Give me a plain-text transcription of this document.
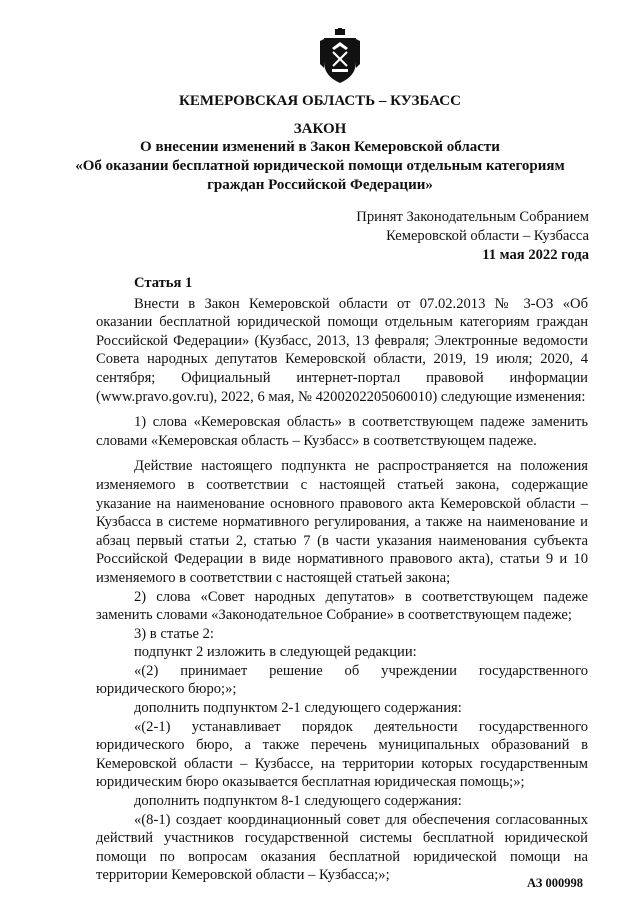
КЕМЕРОВСКАЯ ОБЛАСТЬ – КУЗБАСС
ЗАКОН
О внесении изменений в Закон Кемеровской области
«Об оказании бесплатной юридической помощи отдельным категориям
граждан Российской Федерации»
Принят Законодательным Собранием
Кемеровской области – Кузбасса
11 мая 2022 года
Статья 1

Внести в Закон Кемеровской области от 07.02.2013 № 3-ОЗ «Об оказании бесплатной юридической помощи отдельным категориям граждан Российской Федерации» (Кузбасс, 2013, 13 февраля; Электронные ведомости Совета народных депутатов Кемеровской области, 2019, 19 июля; 2020, 4 сентября; Официальный интернет-портал правовой информации (www.pravo.gov.ru), 2022, 6 мая, № 4200202205060010) следующие изменения:

1) слова «Кемеровская область» в соответствующем падеже заменить словами «Кемеровская область – Кузбасс» в соответствующем падеже.

Действие настоящего подпункта не распространяется на положения изменяемого в соответствии с настоящей статьей закона, содержащие указание на наименование основного правового акта Кемеровской области – Кузбасса в системе нормативного регулирования, а также на наименование и абзац первый статьи 2, статью 7 (в части указания наименования субъекта Российской Федерации в виде нормативного правового акта), статьи 9 и 10 изменяемого в соответствии с настоящей статьей закона;

2) слова «Совет народных депутатов» в соответствующем падеже заменить словами «Законодательное Собрание» в соответствующем падеже;

3) в статье 2:

подпункт 2 изложить в следующей редакции:

«(2) принимает решение об учреждении государственного юридического бюро;»;

дополнить подпунктом 2-1 следующего содержания:

«(2-1) устанавливает порядок деятельности государственного юридического бюро, а также перечень муниципальных образований в Кемеровской области – Кузбассе, на территории которых государственным юридическим бюро оказывается бесплатная юридическая помощь;»;

дополнить подпунктом 8-1 следующего содержания:

«(8-1) создает координационный совет для обеспечения согласованных действий участников государственной системы бесплатной юридической помощи по вопросам оказания бесплатной юридической помощи на территории Кемеровской области – Кузбасса;»;	АЗ 000998
